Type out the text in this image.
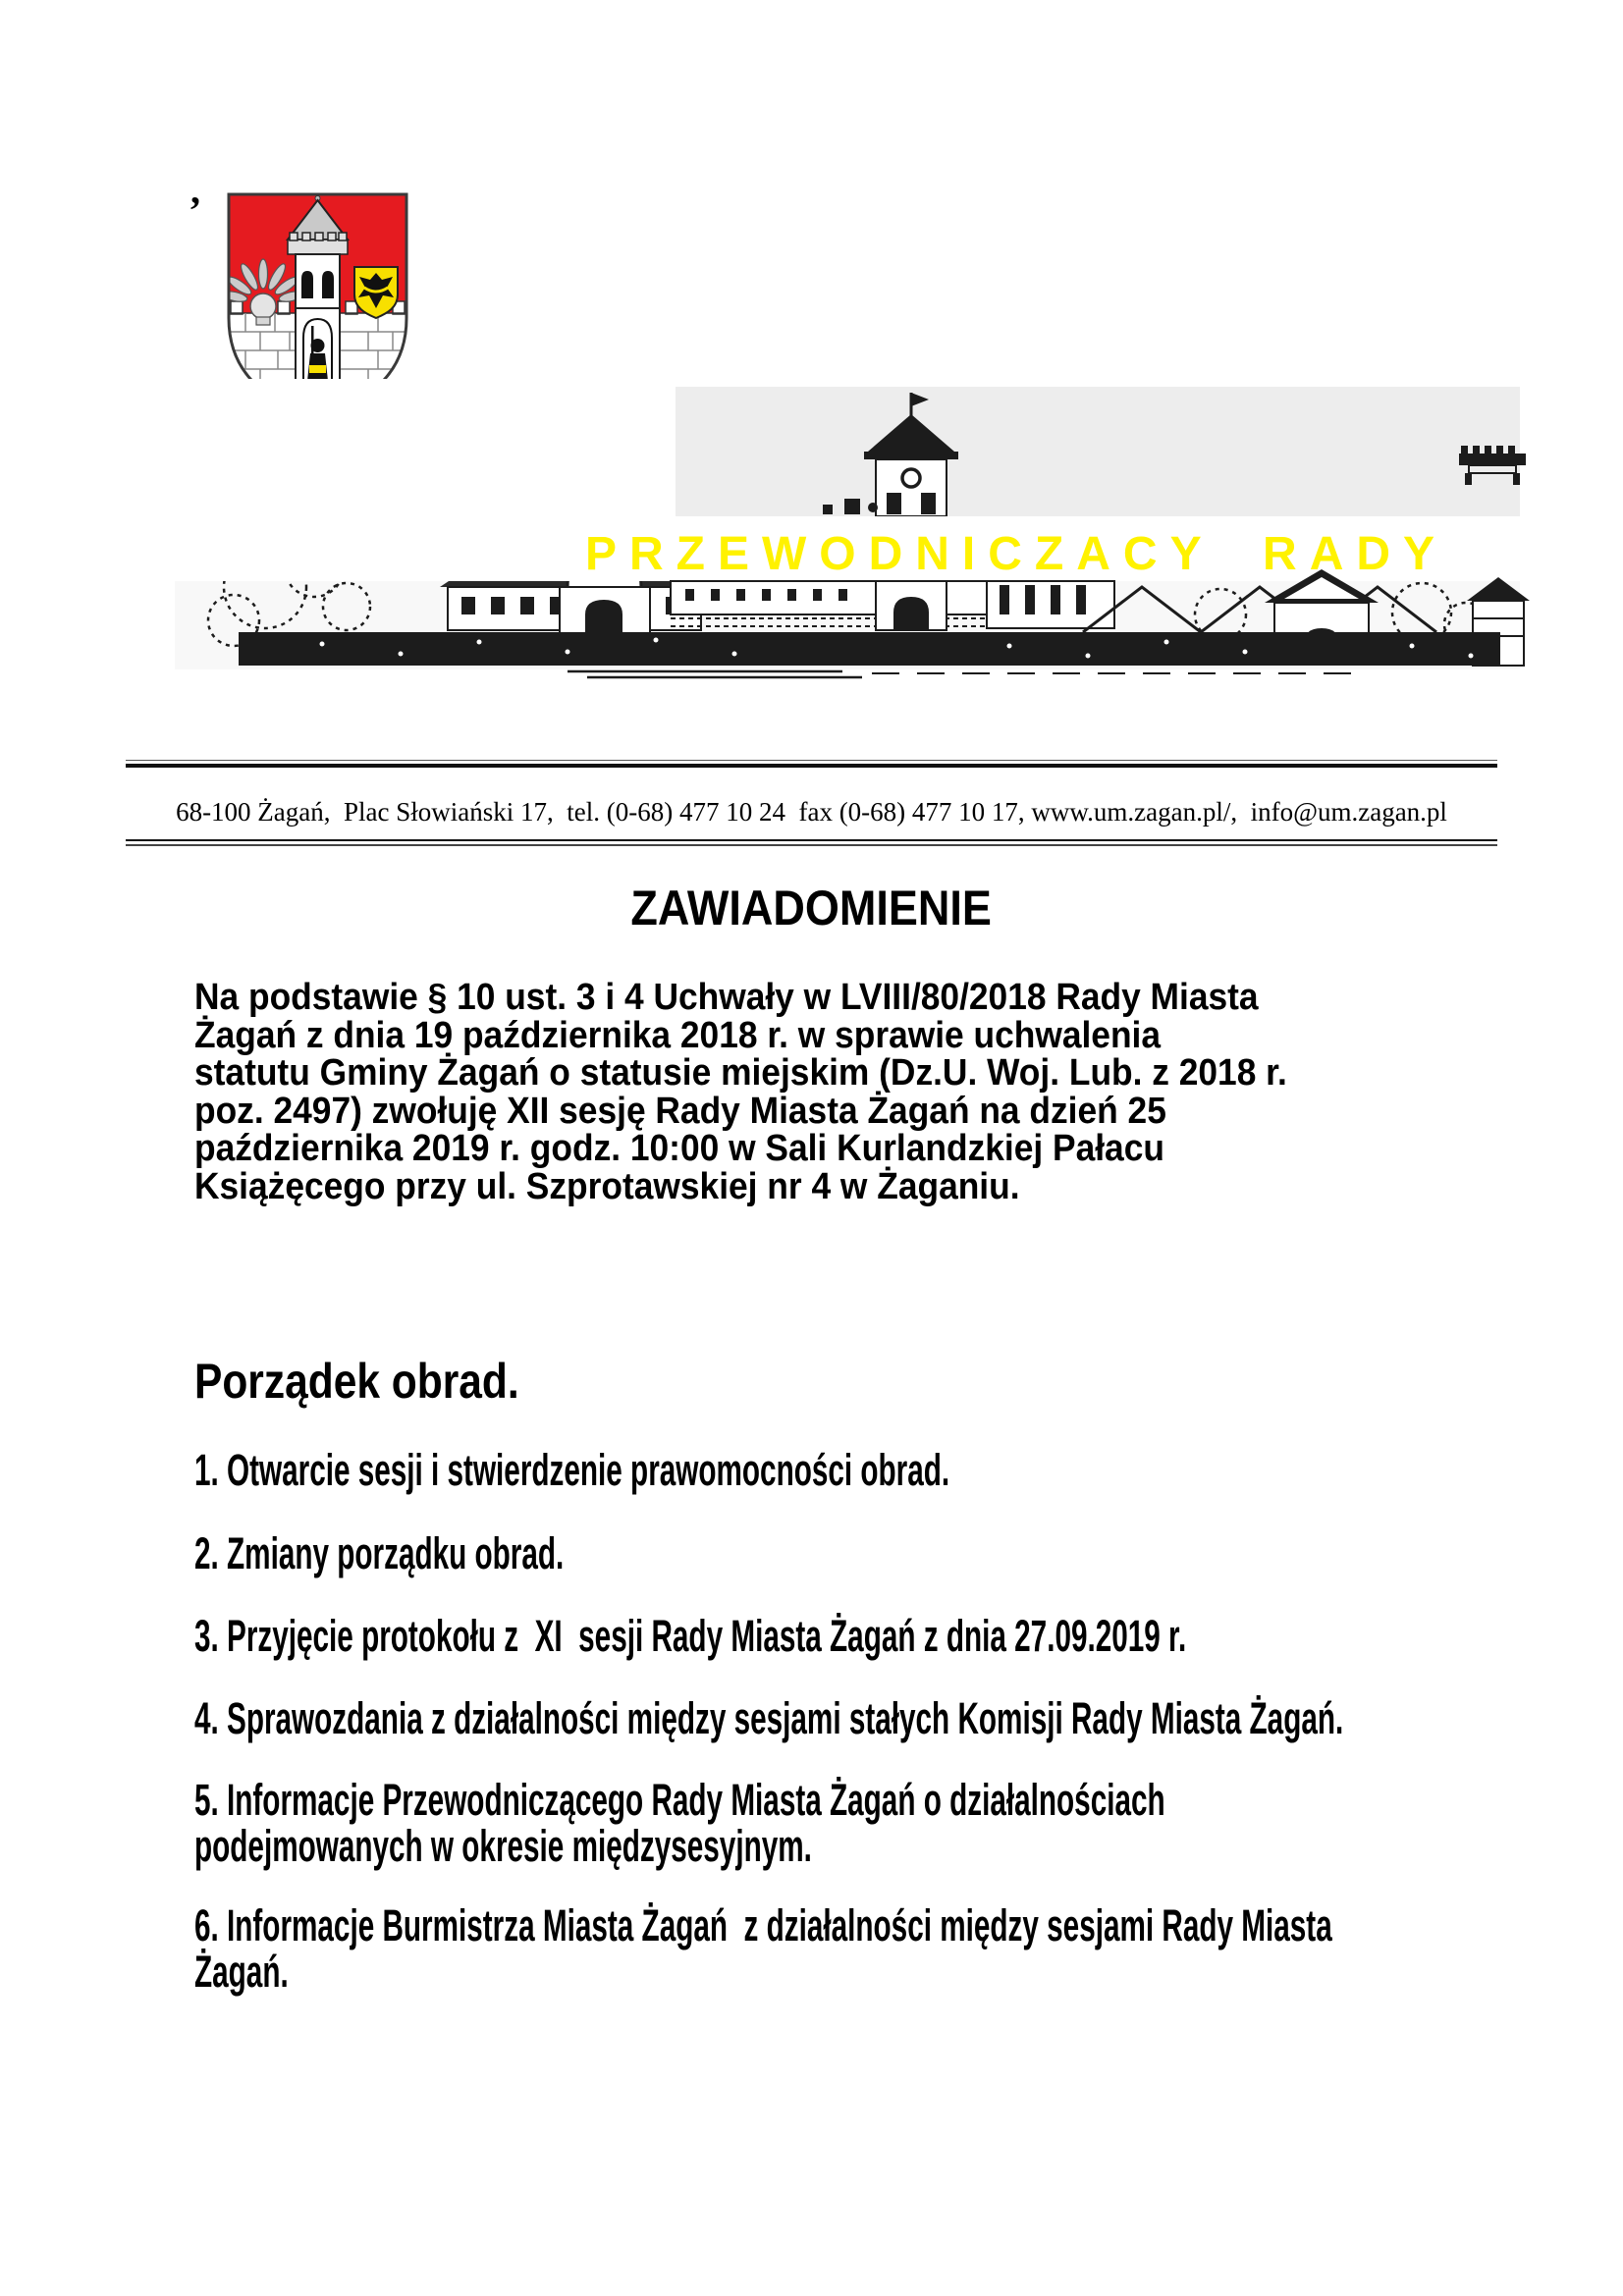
,
PRZEWODNICZACY RADY
68-100 Żagań,  Plac Słowiański 17,  tel. (0-68) 477 10 24  fax (0-68) 477 10 17, www.um.zagan.pl/,  info@um.zagan.pl
ZAWIADOMIENIE
Na podstawie § 10 ust. 3 i 4 Uchwały w LVIII/80/2018 Rady Miasta
Żagań z dnia 19 października 2018 r. w sprawie uchwalenia
statutu Gminy Żagań o statusie miejskim (Dz.U. Woj. Lub. z 2018 r.
poz. 2497) zwołuję XII sesję Rady Miasta Żagań na dzień 25
października 2019 r. godz. 10:00 w Sali Kurlandzkiej Pałacu
Książęcego przy ul. Szprotawskiej nr 4 w Żaganiu.
Porządek obrad.
1. Otwarcie sesji i stwierdzenie prawomocności obrad.
2. Zmiany porządku obrad.
3. Przyjęcie protokołu z  XI  sesji Rady Miasta Żagań z dnia 27.09.2019 r.
4. Sprawozdania z działalności między sesjami stałych Komisji Rady Miasta Żagań.
5. Informacje Przewodniczącego Rady Miasta Żagań o działalnościach
podejmowanych w okresie międzysesyjnym.
6. Informacje Burmistrza Miasta Żagań  z działalności między sesjami Rady Miasta
Żagań.
